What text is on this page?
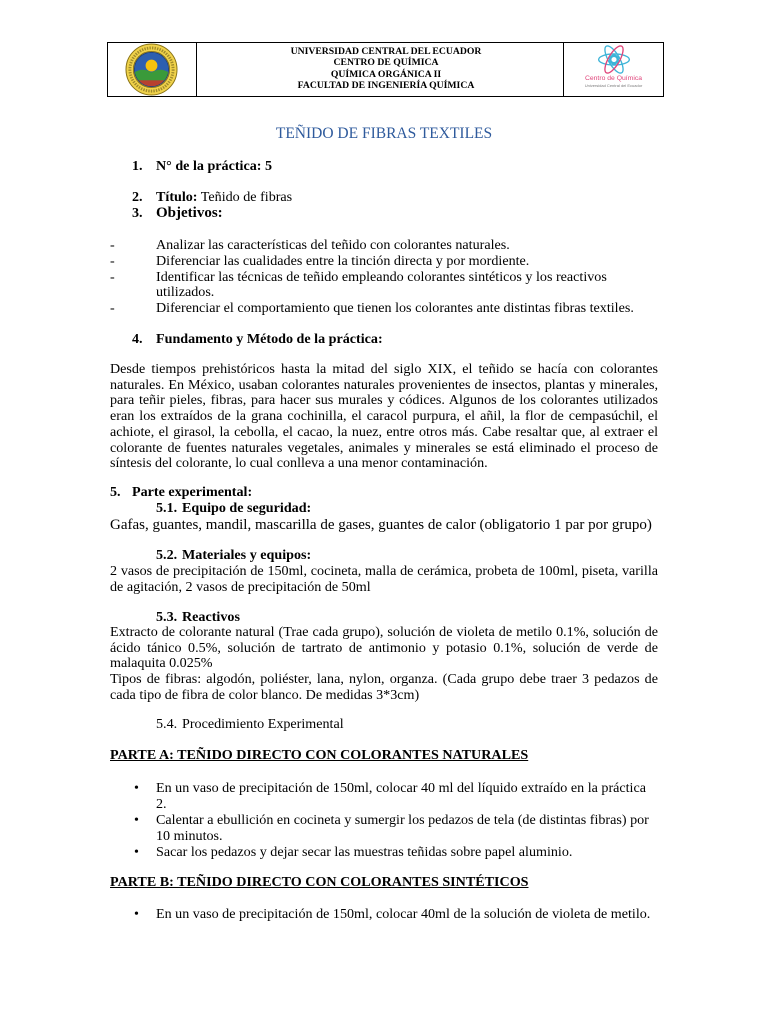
UNIVERSIDAD CENTRAL DEL ECUADOR
CENTRO DE QUÍMICA
QUÍMICA ORGÁNICA II
FACULTAD DE INGENIERÍA QUÍMICA
Centro de Química
Universidad Central del Ecuador
TEÑIDO DE FIBRAS TEXTILES
1. N° de la práctica: 5
2. Título: Teñido de fibras
3. Objetivos:
-	Analizar las características del teñido con colorantes naturales.
-	Diferenciar las cualidades entre la tinción directa y por mordiente.
-	Identificar las técnicas de teñido empleando colorantes sintéticos y los reactivos utilizados.
-	Diferenciar el comportamiento que tienen los colorantes ante distintas fibras textiles.
4. Fundamento y Método de la práctica:
Desde tiempos prehistóricos hasta la mitad del siglo XIX, el teñido se hacía con colorantes naturales. En México, usaban colorantes naturales provenientes de insectos, plantas y minerales, para teñir pieles, fibras, para hacer sus murales y códices. Algunos de los colorantes utilizados eran los extraídos de la grana cochinilla, el caracol purpura, el añil, la flor de cempasúchil, el achiote, el girasol, la cebolla, el cacao, la nuez, entre otros más. Cabe resaltar que, al extraer el colorante de fuentes naturales vegetales, animales y minerales se está eliminado el proceso de síntesis del colorante, lo cual conlleva a una menor contaminación.
5. Parte experimental:
5.1. Equipo de seguridad:
Gafas, guantes, mandil, mascarilla de gases, guantes de calor (obligatorio 1 par por grupo)
5.2. Materiales y equipos:
2 vasos de precipitación de 150ml, cocineta, malla de cerámica, probeta de 100ml, piseta, varilla de agitación, 2 vasos de precipitación de 50ml
5.3. Reactivos
Extracto de colorante natural (Trae cada grupo), solución de violeta de metilo 0.1%, solución de ácido tánico 0.5%, solución de tartrato de antimonio y potasio 0.1%, solución de verde de malaquita 0.025%
Tipos de fibras: algodón, poliéster, lana, nylon, organza. (Cada grupo debe traer 3 pedazos de cada tipo de fibra de color blanco. De medidas 3*3cm)
5.4. Procedimiento Experimental
PARTE A: TEÑIDO DIRECTO CON COLORANTES NATURALES
• En un vaso de precipitación de 150ml, colocar 40 ml del líquido extraído en la práctica 2.
• Calentar a ebullición en cocineta y sumergir los pedazos de tela (de distintas fibras) por 10 minutos.
• Sacar los pedazos y dejar secar las muestras teñidas sobre papel aluminio.
PARTE B: TEÑIDO DIRECTO CON COLORANTES SINTÉTICOS
• En un vaso de precipitación de 150ml, colocar 40ml de la solución de violeta de metilo.
